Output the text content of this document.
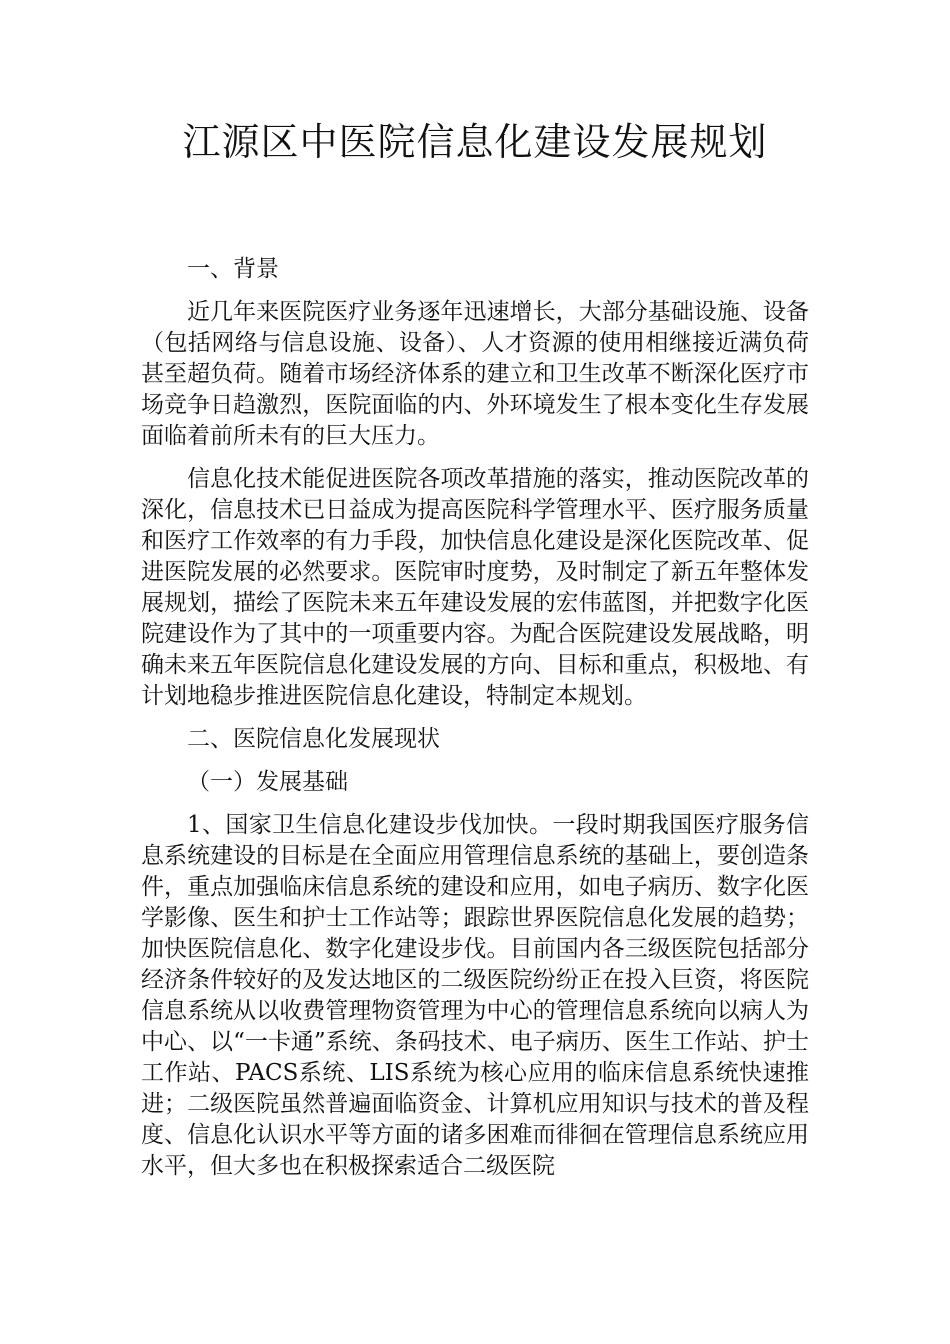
江源区中医院信息化建设发展规划

一、背景

近几年来医院医疗业务逐年迅速增长，大部分基础设施、设备（包括网络与信息设施、设备）、人才资源的使用相继接近满负荷甚至超负荷。随着市场经济体系的建立和卫生改革不断深化医疗市场竞争日趋激烈，医院面临的内、外环境发生了根本变化生存发展面临着前所未有的巨大压力。

信息化技术能促进医院各项改革措施的落实，推动医院改革的深化，信息技术已日益成为提高医院科学管理水平、医疗服务质量和医疗工作效率的有力手段，加快信息化建设是深化医院改革、促进医院发展的必然要求。医院审时度势，及时制定了新五年整体发展规划，描绘了医院未来五年建设发展的宏伟蓝图，并把数字化医院建设作为了其中的一项重要内容。为配合医院建设发展战略，明确未来五年医院信息化建设发展的方向、目标和重点，积极地、有计划地稳步推进医院信息化建设，特制定本规划。

二、医院信息化发展现状

（一）发展基础

1、国家卫生信息化建设步伐加快。一段时期我国医疗服务信息系统建设的目标是在全面应用管理信息系统的基础上，要创造条件，重点加强临床信息系统的建设和应用，如电子病历、数字化医学影像、医生和护士工作站等；跟踪世界医院信息化发展的趋势；加快医院信息化、数字化建设步伐。目前国内各三级医院包括部分经济条件较好的及发达地区的二级医院纷纷正在投入巨资，将医院信息系统从以收费管理物资管理为中心的管理信息系统向以病人为中心、以“一卡通”系统、条码技术、电子病历、医生工作站、护士工作站、PACS系统、LIS系统为核心应用的临床信息系统快速推进；二级医院虽然普遍面临资金、计算机应用知识与技术的普及程度、信息化认识水平等方面的诸多困难而徘徊在管理信息系统应用水平，但大多也在积极探索适合二级医院
